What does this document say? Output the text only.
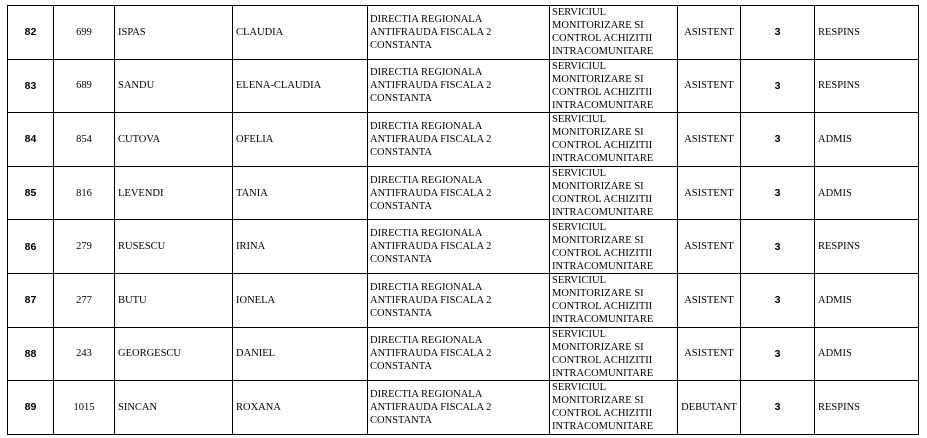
82	699	ISPAS	CLAUDIA	DIRECTIA REGIONALA ANTIFRAUDA FISCALA 2 CONSTANTA	SERVICIUL MONITORIZARE SI CONTROL ACHIZITII INTRACOMUNITARE	ASISTENT	3	RESPINS
83	689	SANDU	ELENA-CLAUDIA	DIRECTIA REGIONALA ANTIFRAUDA FISCALA 2 CONSTANTA	SERVICIUL MONITORIZARE SI CONTROL ACHIZITII INTRACOMUNITARE	ASISTENT	3	RESPINS
84	854	CUTOVA	OFELIA	DIRECTIA REGIONALA ANTIFRAUDA FISCALA 2 CONSTANTA	SERVICIUL MONITORIZARE SI CONTROL ACHIZITII INTRACOMUNITARE	ASISTENT	3	ADMIS
85	816	LEVENDI	TANIA	DIRECTIA REGIONALA ANTIFRAUDA FISCALA 2 CONSTANTA	SERVICIUL MONITORIZARE SI CONTROL ACHIZITII INTRACOMUNITARE	ASISTENT	3	ADMIS
86	279	RUSESCU	IRINA	DIRECTIA REGIONALA ANTIFRAUDA FISCALA 2 CONSTANTA	SERVICIUL MONITORIZARE SI CONTROL ACHIZITII INTRACOMUNITARE	ASISTENT	3	RESPINS
87	277	BUTU	IONELA	DIRECTIA REGIONALA ANTIFRAUDA FISCALA 2 CONSTANTA	SERVICIUL MONITORIZARE SI CONTROL ACHIZITII INTRACOMUNITARE	ASISTENT	3	ADMIS
88	243	GEORGESCU	DANIEL	DIRECTIA REGIONALA ANTIFRAUDA FISCALA 2 CONSTANTA	SERVICIUL MONITORIZARE SI CONTROL ACHIZITII INTRACOMUNITARE	ASISTENT	3	ADMIS
89	1015	SINCAN	ROXANA	DIRECTIA REGIONALA ANTIFRAUDA FISCALA 2 CONSTANTA	SERVICIUL MONITORIZARE SI CONTROL ACHIZITII INTRACOMUNITARE	DEBUTANT	3	RESPINS
